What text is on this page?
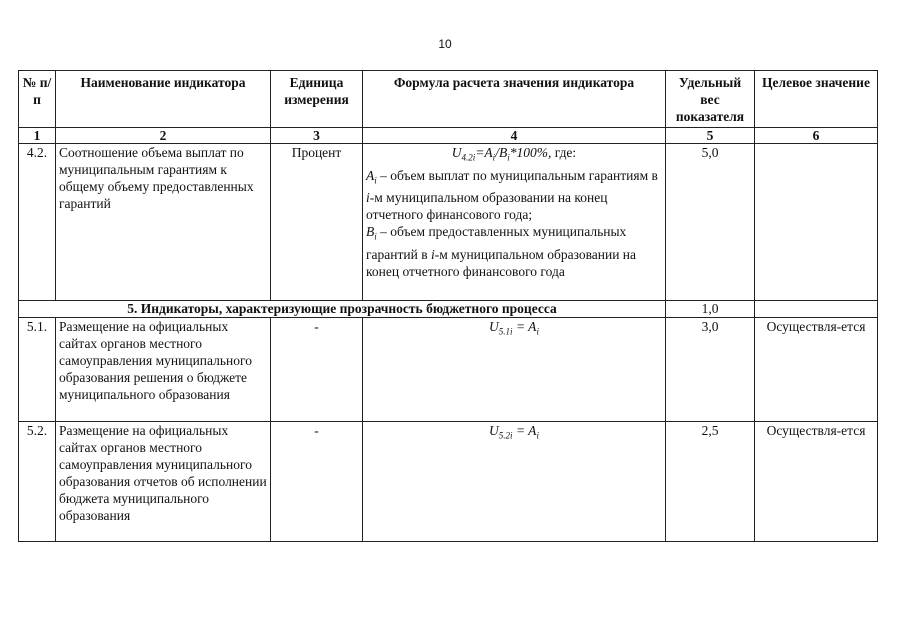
10
№ п/п	Наименование индикатора	Единица измерения	Формула расчета значения индикатора	Удельный вес показателя	Целевое значение
1	2	3	4	5	6
4.2.	Соотношение объема выплат по муниципальным гарантиям к общему объему предоставленных гарантий	Процент	$U_{4.2i}=A_i/B_i*100\%$, где:
$A_i$ – объем выплат по муниципальным гарантиям в i-м муниципальном образовании на конец отчетного финансового года;
$B_i$ – объем предоставленных муниципальных гарантий в i-м муниципальном образовании на конец отчетного финансового года	5,0	
5. Индикаторы, характеризующие прозрачность бюджетного процесса				1,0	
5.1.	Размещение на официальных сайтах органов местного самоуправления муниципального образования решения о бюджете муниципального образования	-	$U_{5.1i} = A_i$	3,0	Осуществля-ется
5.2.	Размещение на официальных сайтах органов местного самоуправления муниципального образования отчетов об исполнении бюджета муниципального образования	-	$U_{5.2i} = A_i$	2,5	Осуществля-ется
